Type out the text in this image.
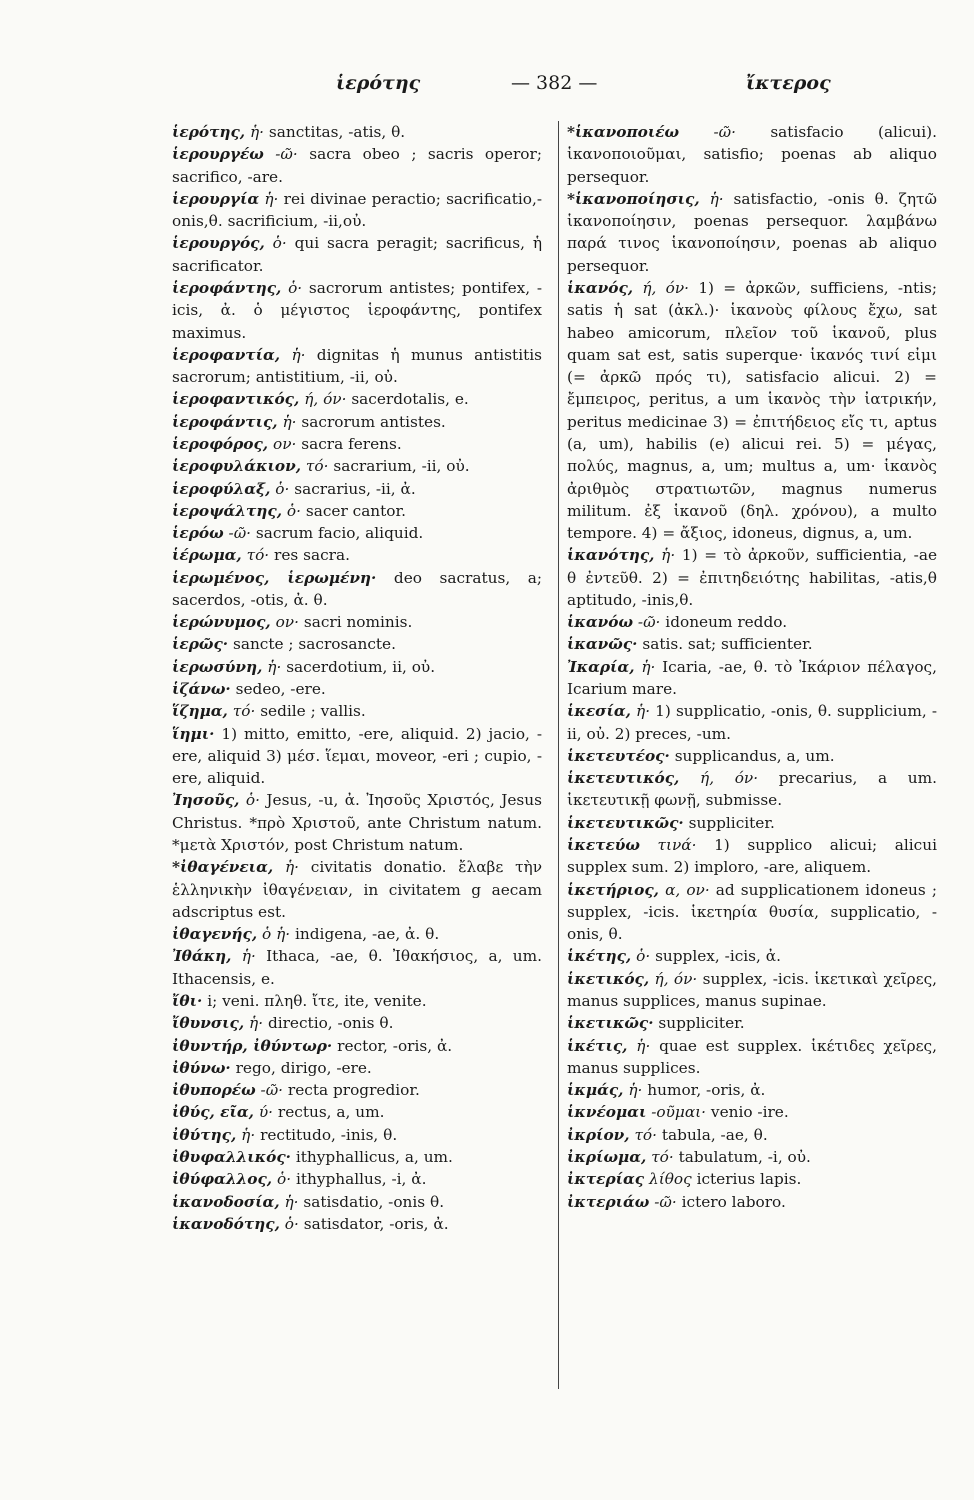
ἱερότης	— 382 —	ἴκτερος
ἱερότης, ἡ· sanctitas, -atis, θ.
ἱερουργέω -ῶ· sacra obeo ; sacris operor; sacrifico, -are.
ἱερουργία ἡ· rei divinae peractio; sacrificatio,-onis,θ. sacrificium, -ii,οὐ.
ἱερουργός, ὁ· qui sacra peragit; sacrificus, ἡ sacrificator.
ἱεροφάντης, ὁ· sacrorum antistes; pontifex, -icis, ἀ. ὁ μέγιστος ἱεροφάντης, pontifex maximus.
ἱεροφαντία, ἡ· dignitas ἡ munus antistitis sacrorum; antistitium, -ii, οὐ.
ἱεροφαντικός, ή, όν· sacerdotalis, e.
ἱεροφάντις, ἡ· sacrorum antistes.
ἱεροφόρος, ον· sacra ferens.
ἱεροφυλάκιον, τό· sacrarium, -ii, οὐ.
ἱεροφύλαξ, ὁ· sacrarius, -ii, ἀ.
ἱεροψάλτης, ὁ· sacer cantor.
ἱερόω -ῶ· sacrum facio, aliquid.
ἱέρωμα, τό· res sacra.
ἱερωμένος, ἱερωμένη· deo sacratus, a; sacerdos, -otis, ἀ. θ.
ἱερώνυμος, ον· sacri nominis.
ἱερῶς· sancte ; sacrosancte.
ἱερωσύνη, ἡ· sacerdotium, ii, οὐ.
ἱζάνω· sedeo, -ere.
ἵζημα, τό· sedile ; vallis.
ἵημι· 1) mitto, emitto, -ere, aliquid. 2) jacio, -ere, aliquid 3) μέσ. ἵεμαι, moveor, -eri ; cupio, -ere, aliquid.
Ἰησοῦς, ὁ· Jesus, -u, ἀ. Ἰησοῦς Χριστός, Jesus Christus. *πρὸ Χριστοῦ, ante Christum natum. *μετὰ Χριστόν, post Christum natum.
*ἰθαγένεια, ἡ· civitatis donatio. ἔλαβε τὴν ἑλληνικὴν ἰθαγένειαν, in civitatem g aecam adscriptus est.
ἰθαγενής, ὁ ἡ· indigena, -ae, ἀ. θ.
Ἰθάκη, ἡ· Ithaca, -ae, θ. Ἰθακήσιος, a, um. Ithacensis, e.
ἴθι· i; veni. πληθ. ἴτε, ite, venite.
ἴθυνσις, ἡ· directio, -onis θ.
ἰθυντήρ, ἰθύντωρ· rector, -oris, ἀ.
ἰθύνω· rego, dirigo, -ere.
ἰθυπορέω -ῶ· recta progredior.
ἰθύς, εῖα, ύ· rectus, a, um.
ἰθύτης, ἡ· rectitudo, -inis, θ.
ἰθυφαλλικός· ithyphallicus, a, um.
ἰθύφαλλος, ὁ· ithyphallus, -i, ἀ.
ἱκανοδοσία, ἡ· satisdatio, -onis θ.
ἱκανοδότης, ὁ· satisdator, -oris, ἀ.
*ἱκανοποιέω -ῶ· satisfacio (alicui). ἱκανοποιοῦμαι, satisfio; poenas ab aliquo persequor.
*ἱκανοποίησις, ἡ· satisfactio, -onis θ. ζητῶ ἱκανοποίησιν, poenas persequor. λαμβάνω παρά τινος ἱκανοποίησιν, poenas ab aliquo persequor.
ἱκανός, ή, όν· 1) = ἀρκῶν, sufficiens, -ntis; satis ἡ sat (ἀκλ.)· ἱκανοὺς φίλους ἔχω, sat habeo amicorum, πλεῖον τοῦ ἱκανοῦ, plus quam sat est, satis superque· ἱκανός τινί εἰμι (= ἀρκῶ πρός τι), satisfacio alicui. 2) = ἔμπειρος, peritus, a um ἱκανὸς τὴν ἰατρικήν, peritus medicinae 3) = ἐπιτήδειος εἴς τι, aptus (a, um), habilis (e) alicui rei. 5) = μέγας, πολύς, magnus, a, um; multus a, um· ἱκανὸς ἀριθμὸς στρατιωτῶν, magnus numerus militum. ἐξ ἱκανοῦ (δηλ. χρόνου), a multo tempore. 4) = ἄξιος, idoneus, dignus, a, um.
ἱκανότης, ἡ· 1) = τὸ ἀρκοῦν, sufficientia, -ae θ ἐντεῦθ. 2) = ἐπιτηδειότης habilitas, -atis,θ aptitudo, -inis,θ.
ἱκανόω -ῶ· idoneum reddo.
ἱκανῶς· satis. sat; sufficienter.
Ἰκαρία, ἡ· Icaria, -ae, θ. τὸ Ἰκάριον πέλαγος, Icarium mare.
ἱκεσία, ἡ· 1) supplicatio, -onis, θ. supplicium, -ii, οὐ. 2) preces, -um.
ἱκετευτέος· supplicandus, a, um.
ἱκετευτικός, ή, όν· precarius, a um. ἱκετευτικῇ φωνῇ, submisse.
ἱκετευτικῶς· suppliciter.
ἱκετεύω τινά· 1) supplico alicui; alicui supplex sum. 2) imploro, -are, aliquem.
ἱκετήριος, α, ον· ad supplicationem idoneus ; supplex, -icis. ἱκετηρία θυσία, supplicatio, -onis, θ.
ἱκέτης, ὁ· supplex, -icis, ἀ.
ἱκετικός, ή, όν· supplex, -icis. ἱκετικαὶ χεῖρες, manus supplices, manus supinae.
ἱκετικῶς· suppliciter.
ἱκέτις, ἡ· quae est supplex. ἱκέτιδες χεῖρες, manus supplices.
ἱκμάς, ἡ· humor, -oris, ἀ.
ἱκνέομαι -οῦμαι· venio -ire.
ἰκρίον, τό· tabula, -ae, θ.
ἰκρίωμα, τό· tabulatum, -i, οὐ.
ἰκτερίας λίθος icterius lapis.
ἰκτεριάω -ῶ· ictero laboro.
